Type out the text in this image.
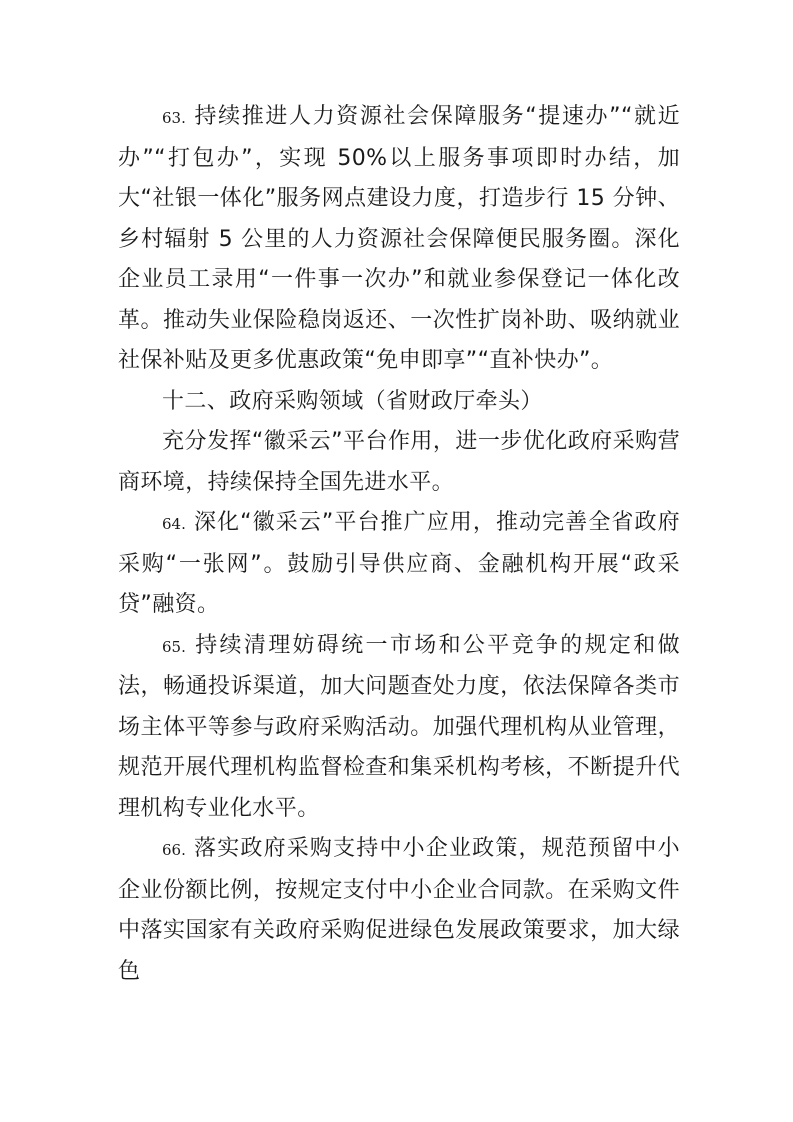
63. 持续推进人力资源社会保障服务“提速办”“就近办”“打包办”，实现 50%以上服务事项即时办结，加大“社银一体化”服务网点建设力度，打造步行 15 分钟、乡村辐射 5 公里的人力资源社会保障便民服务圈。深化企业员工录用“一件事一次办”和就业参保登记一体化改革。推动失业保险稳岗返还、一次性扩岗补助、吸纳就业社保补贴及更多优惠政策“免申即享”“直补快办”。

十二、政府采购领域（省财政厅牵头）

充分发挥“徽采云”平台作用，进一步优化政府采购营商环境，持续保持全国先进水平。

64. 深化“徽采云”平台推广应用，推动完善全省政府采购“一张网”。鼓励引导供应商、金融机构开展“政采贷”融资。

65. 持续清理妨碍统一市场和公平竞争的规定和做法，畅通投诉渠道，加大问题查处力度，依法保障各类市场主体平等参与政府采购活动。加强代理机构从业管理，规范开展代理机构监督检查和集采机构考核，不断提升代理机构专业化水平。

66. 落实政府采购支持中小企业政策，规范预留中小企业份额比例，按规定支付中小企业合同款。在采购文件中落实国家有关政府采购促进绿色发展政策要求，加大绿色
